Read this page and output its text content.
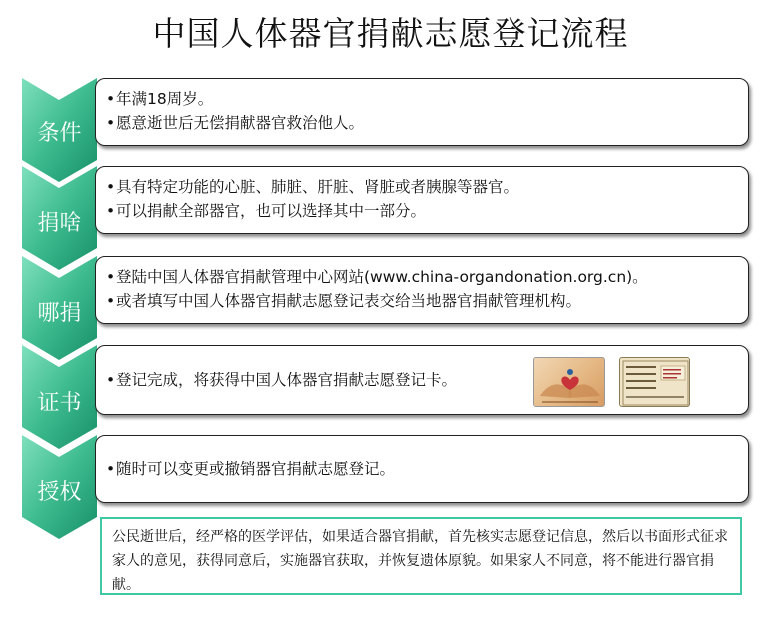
中国人体器官捐献志愿登记流程
条件
•年满18周岁。
•愿意逝世后无偿捐献器官救治他人。
捐啥
•具有特定功能的心脏、肺脏、肝脏、肾脏或者胰腺等器官。
•可以捐献全部器官，也可以选择其中一部分。
哪捐
•登陆中国人体器官捐献管理中心网站(www.china-organdonation.org.cn)。
•或者填写中国人体器官捐献志愿登记表交给当地器官捐献管理机构。
证书
•登记完成，将获得中国人体器官捐献志愿登记卡。
授权
•随时可以变更或撤销器官捐献志愿登记。
公民逝世后，经严格的医学评估，如果适合器官捐献，首先核实志愿登记信息，然后以书面形式征求家人的意见，获得同意后，实施器官获取，并恢复遗体原貌。如果家人不同意，将不能进行器官捐献。
